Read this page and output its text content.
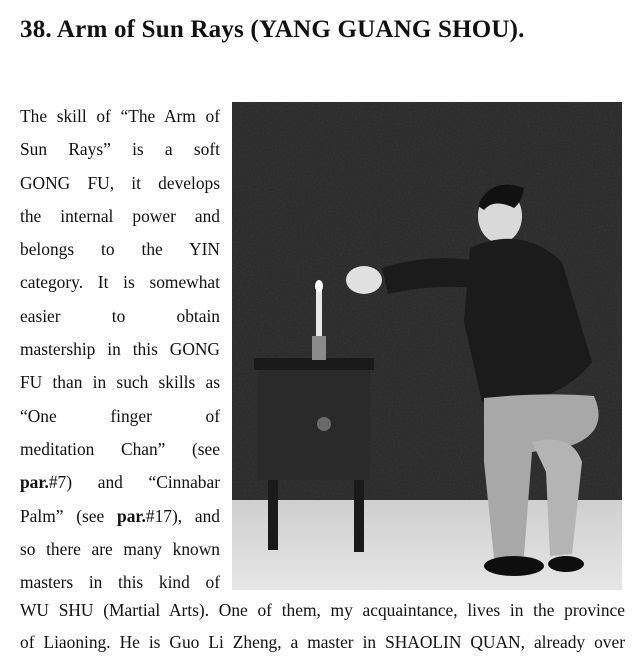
38. Arm of Sun Rays (YANG GUANG SHOU).
The skill of “The Arm of
Sun Rays” is a soft
GONG FU, it develops
the internal power and
belongs to the YIN
category. It is somewhat
easier to obtain
mastership in this GONG
FU than in such skills as
“One finger of
meditation Chan” (see
par.#7) and “Cinnabar
Palm” (see par.#17), and
so there are many known
masters in this kind of
WU SHU (Martial Arts). One of them, my acquaintance, lives in the province
of Liaoning. He is Guo Li Zheng, a master in SHAOLIN QUAN, already over
